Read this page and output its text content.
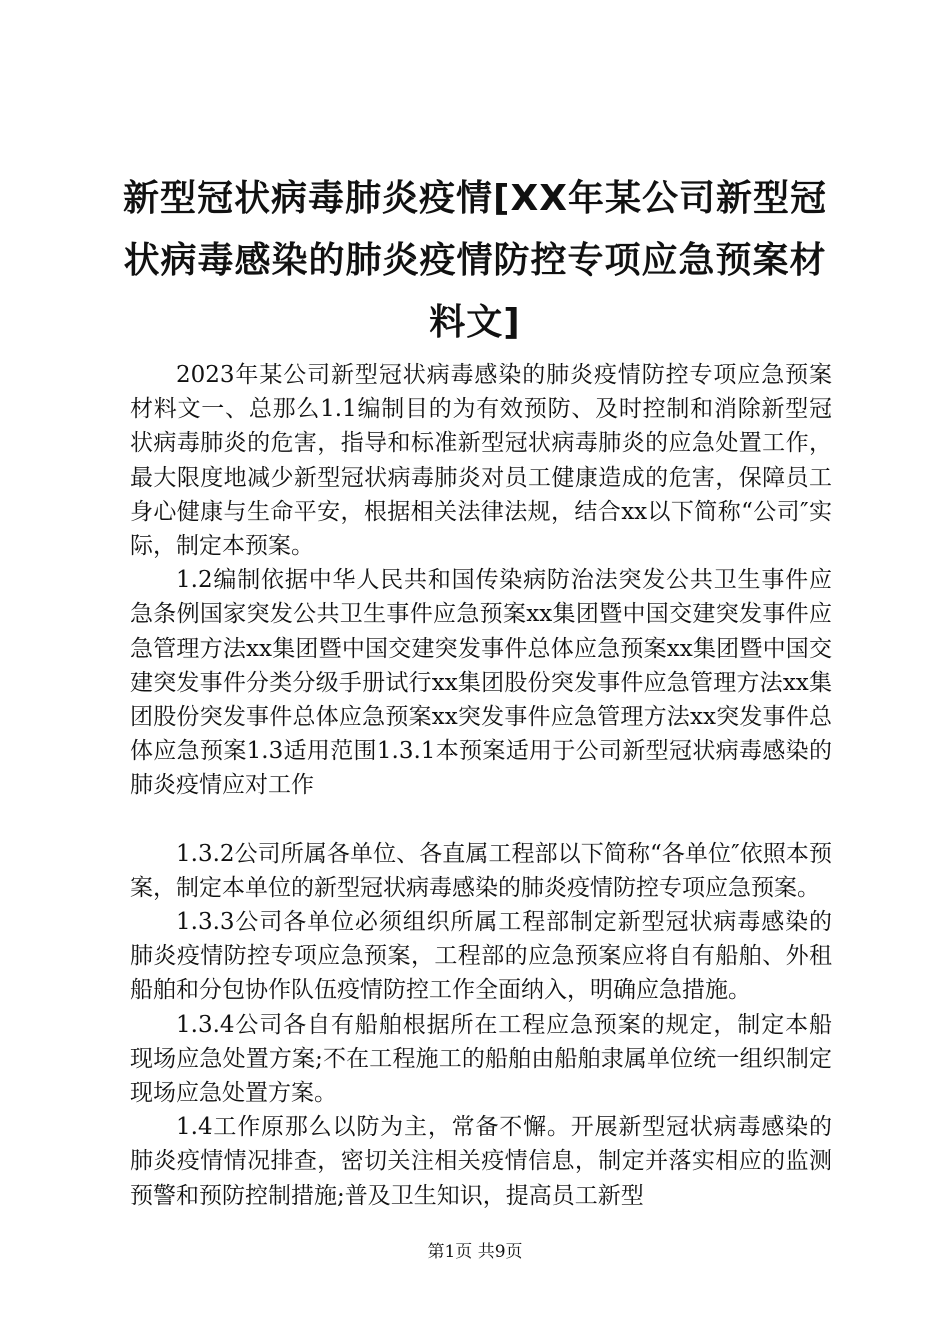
新型冠状病毒肺炎疫情[XX年某公司新型冠状病毒感染的肺炎疫情防控专项应急预案材料文]

2023年某公司新型冠状病毒感染的肺炎疫情防控专项应急预案材料文一、总那么1.1编制目的为有效预防、及时控制和消除新型冠状病毒肺炎的危害，指导和标准新型冠状病毒肺炎的应急处置工作，最大限度地减少新型冠状病毒肺炎对员工健康造成的危害，保障员工身心健康与生命平安，根据相关法律法规，结合xx以下简称“公司″实际，制定本预案。

1.2编制依据中华人民共和国传染病防治法突发公共卫生事件应急条例国家突发公共卫生事件应急预案xx集团暨中国交建突发事件应急管理方法xx集团暨中国交建突发事件总体应急预案xx集团暨中国交建突发事件分类分级手册试行xx集团股份突发事件应急管理方法xx集团股份突发事件总体应急预案xx突发事件应急管理方法xx突发事件总体应急预案1.3适用范围1.3.1本预案适用于公司新型冠状病毒感染的肺炎疫情应对工作

1.3.2公司所属各单位、各直属工程部以下简称“各单位″依照本预案，制定本单位的新型冠状病毒感染的肺炎疫情防控专项应急预案。

1.3.3公司各单位必须组织所属工程部制定新型冠状病毒感染的肺炎疫情防控专项应急预案，工程部的应急预案应将自有船舶、外租船舶和分包协作队伍疫情防控工作全面纳入，明确应急措施。

1.3.4公司各自有船舶根据所在工程应急预案的规定，制定本船现场应急处置方案;不在工程施工的船舶由船舶隶属单位统一组织制定现场应急处置方案。

1.4工作原那么以防为主，常备不懈。开展新型冠状病毒感染的肺炎疫情情况排查，密切关注相关疫情信息，制定并落实相应的监测预警和预防控制措施;普及卫生知识，提高员工新型

第1页 共9页
